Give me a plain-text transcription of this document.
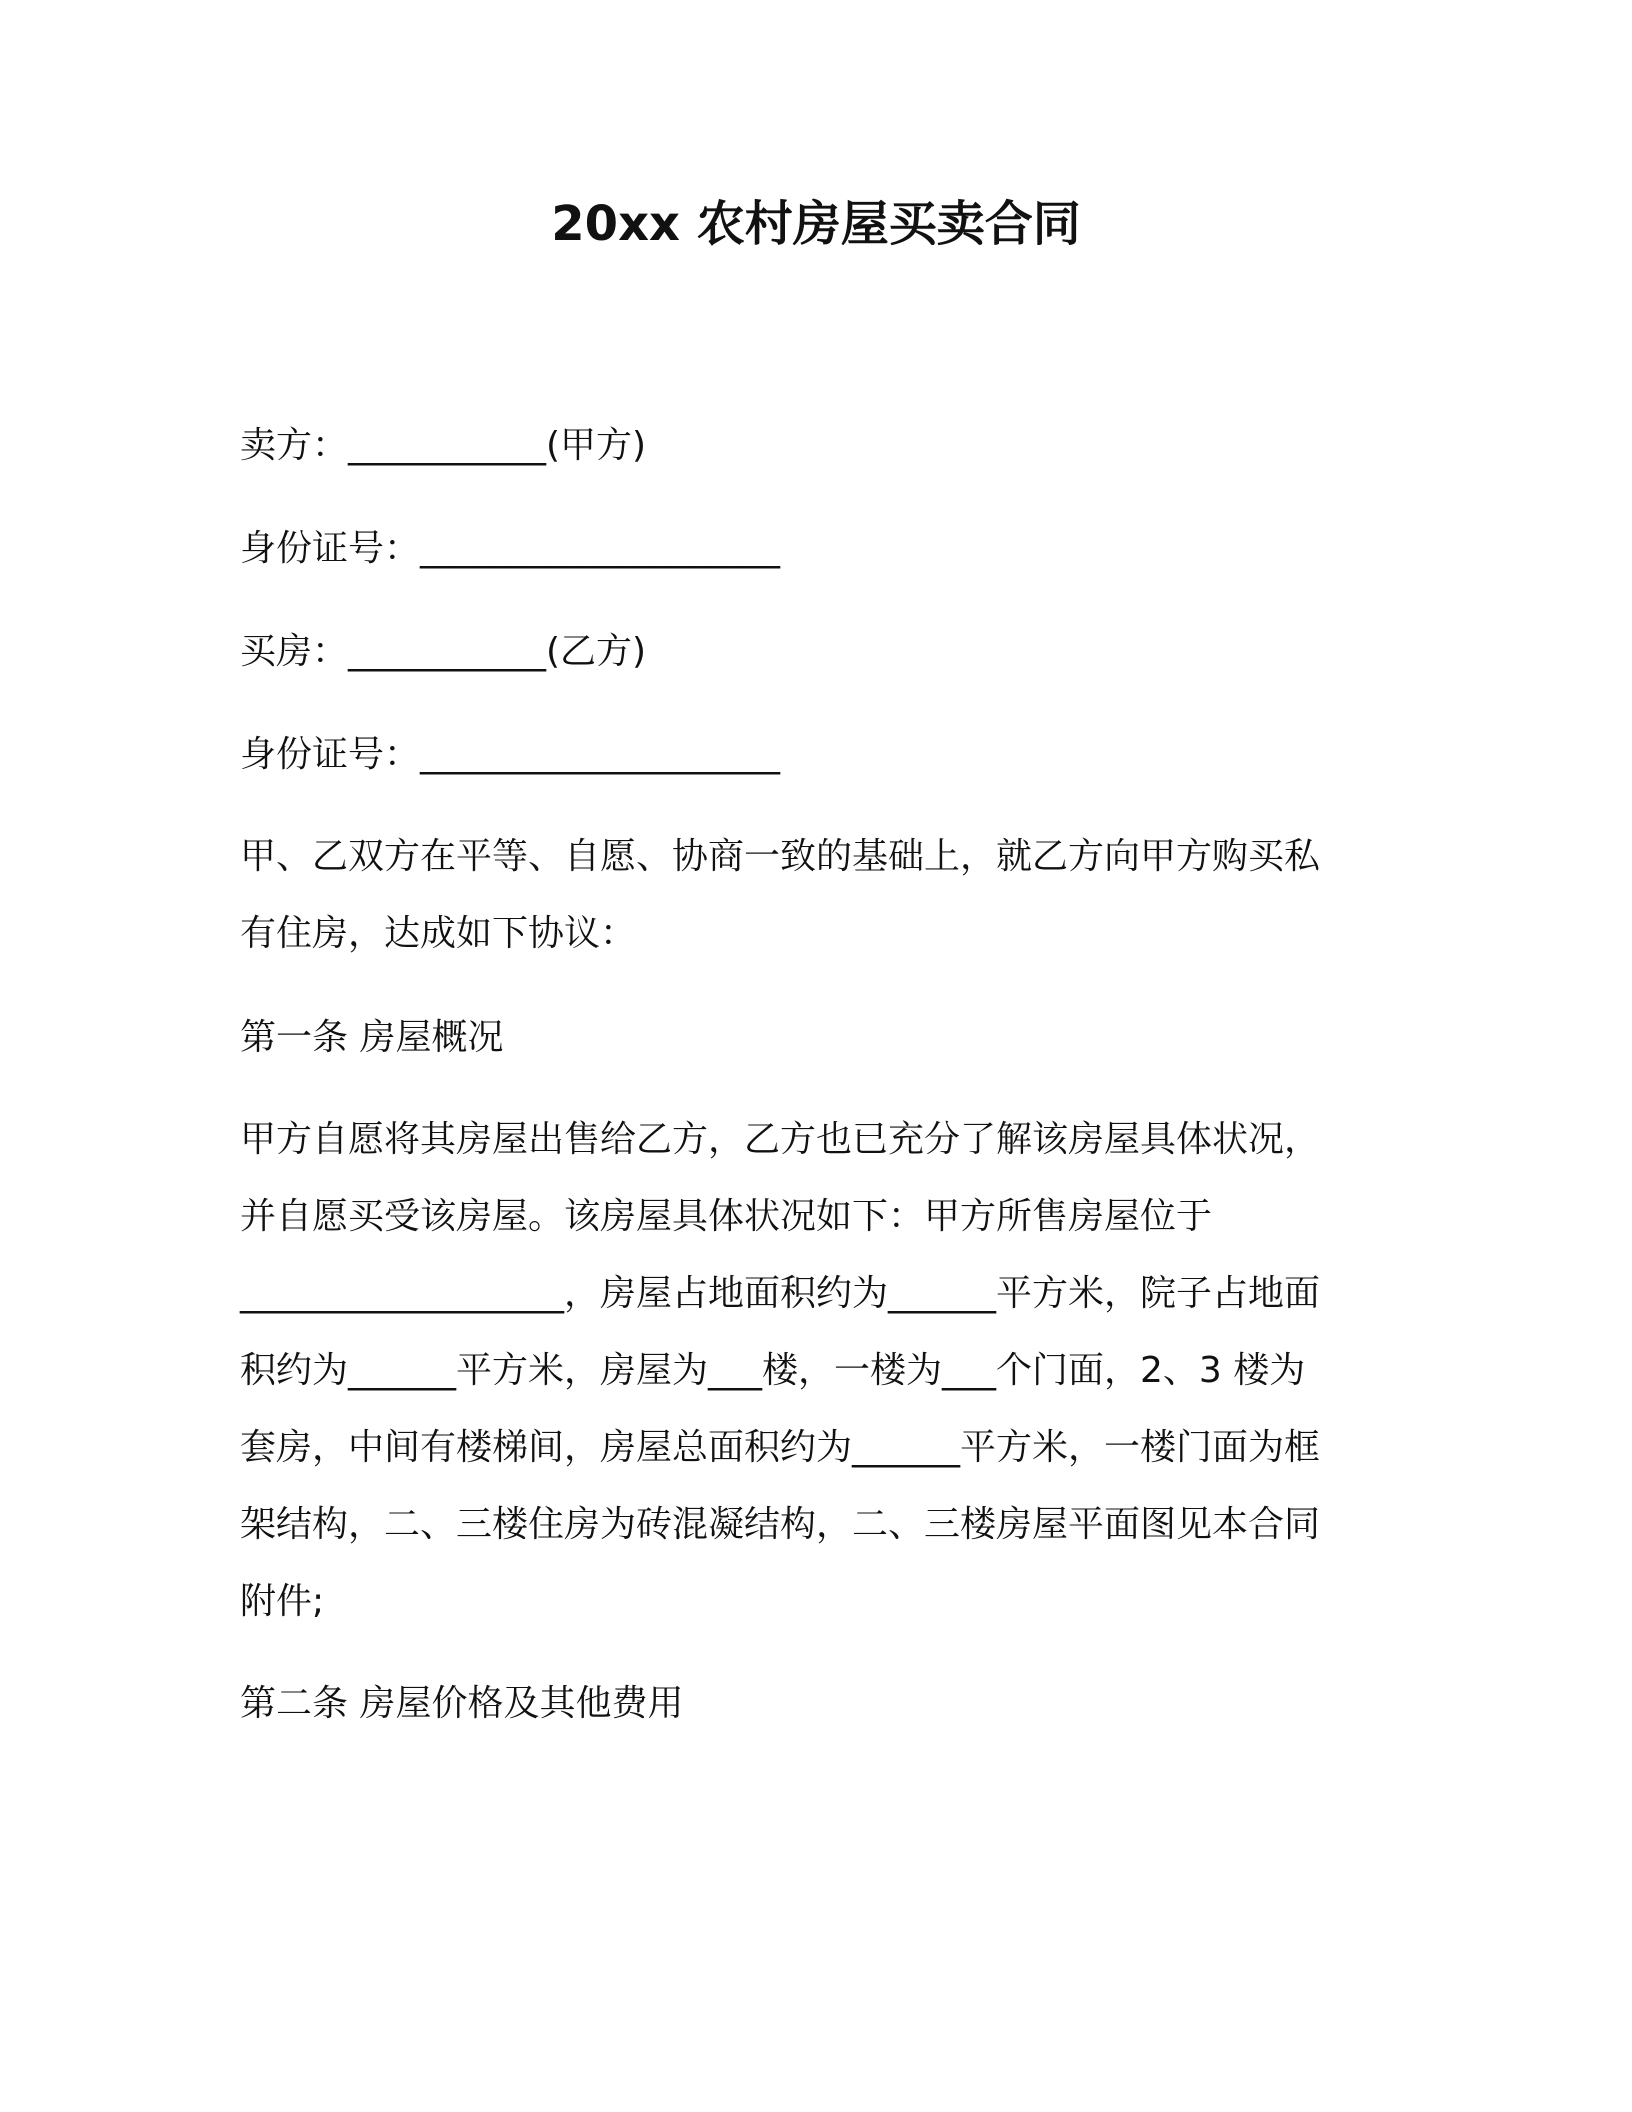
20xx 农村房屋买卖合同

卖方：___________(甲方)

身份证号：____________________

买房：___________(乙方)

身份证号：____________________

甲、乙双方在平等、自愿、协商一致的基础上，就乙方向甲方购买私
有住房，达成如下协议：

第一条 房屋概况

甲方自愿将其房屋出售给乙方，乙方也已充分了解该房屋具体状况，
并自愿买受该房屋。该房屋具体状况如下：甲方所售房屋位于
__________________，房屋占地面积约为______平方米，院子占地面
积约为______平方米，房屋为___楼，一楼为___个门面，2、3 楼为
套房，中间有楼梯间，房屋总面积约为______平方米，一楼门面为框
架结构，二、三楼住房为砖混凝结构，二、三楼房屋平面图见本合同
附件;

第二条 房屋价格及其他费用
